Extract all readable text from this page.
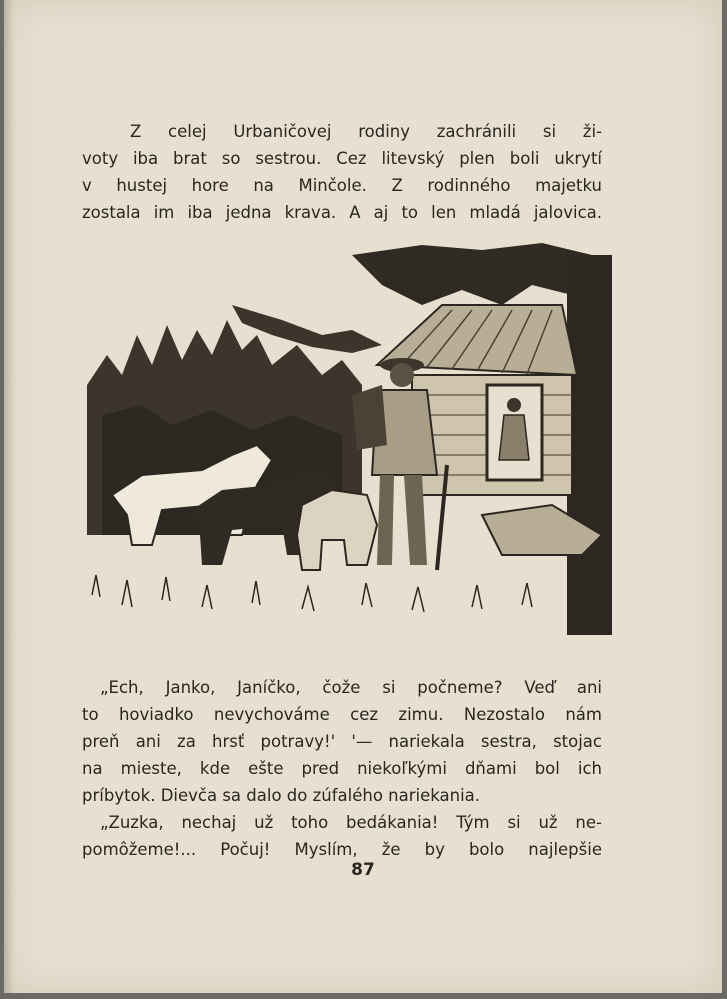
Z celej Urbaničovej rodiny zachránili si ži-
voty iba brat so sestrou. Cez litevský plen boli ukrytí
v hustej hore na Minčole. Z rodinného majetku
zostala im iba jedna krava. A aj to len mladá jalovica.
„Ech, Janko, Janíčko, čože si počneme? Veď ani
to hoviadko nevychováme cez zimu. Nezostalo nám
preň ani za hrsť potravy!' '— nariekala sestra, stojac
na mieste, kde ešte pred niekoľkými dňami bol ich
príbytok. Dievča sa dalo do zúfalého nariekania.
„Zuzka, nechaj už toho bedákania! Tým si už ne-
pomôžeme!... Počuj! Myslím, že by bolo najlepšie
87
